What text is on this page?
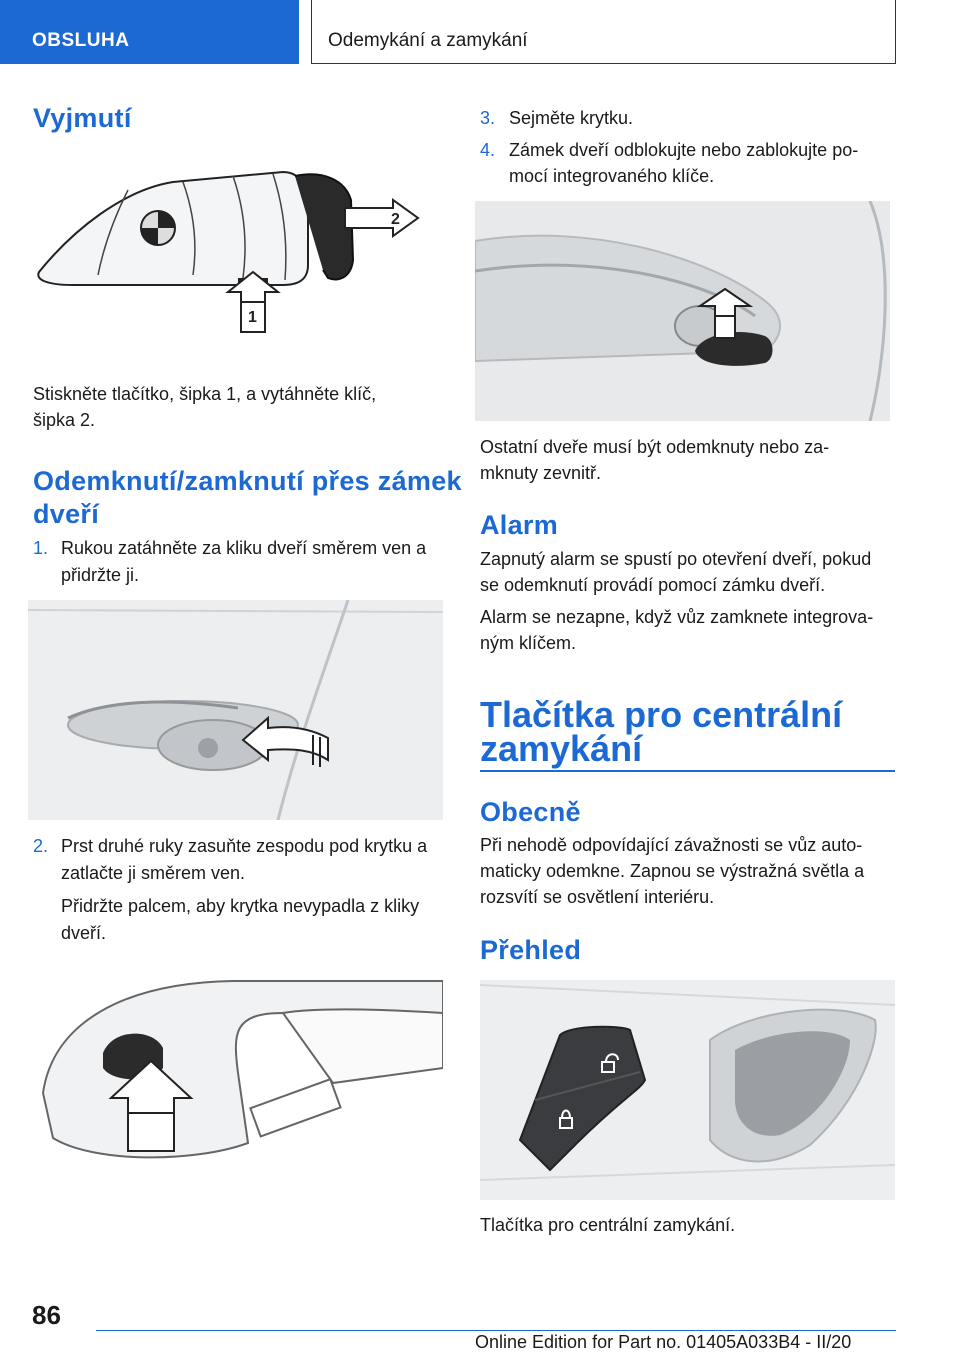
OBSLUHA	Odemykání a zamykání
Vyjmutí
2
1
Stiskněte tlačítko, šipka 1, a vytáhněte klíč,
šipka 2.
Odemknutí/zamknutí přes zámek
dveří
1. Rukou zatáhněte za kliku dveří směrem ven a
přidržte ji.
2. Prst druhé ruky zasuňte zespodu pod krytku a
zatlačte ji směrem ven.
Přidržte palcem, aby krytka nevypadla z kliky
dveří.
3. Sejměte krytku.
4. Zámek dveří odblokujte nebo zablokujte po-
mocí integrovaného klíče.
Ostatní dveře musí být odemknuty nebo za-
mknuty zevnitř.
Alarm
Zapnutý alarm se spustí po otevření dveří, pokud
se odemknutí provádí pomocí zámku dveří.
Alarm se nezapne, když vůz zamknete integrova-
ným klíčem.
Tlačítka pro centrální
zamykání
Obecně
Při nehodě odpovídající závažnosti se vůz auto-
maticky odemkne. Zapnou se výstražná světla a
rozsvítí se osvětlení interiéru.
Přehled
Tlačítka pro centrální zamykání.
86
Online Edition for Part no. 01405A033B4 - II/20
